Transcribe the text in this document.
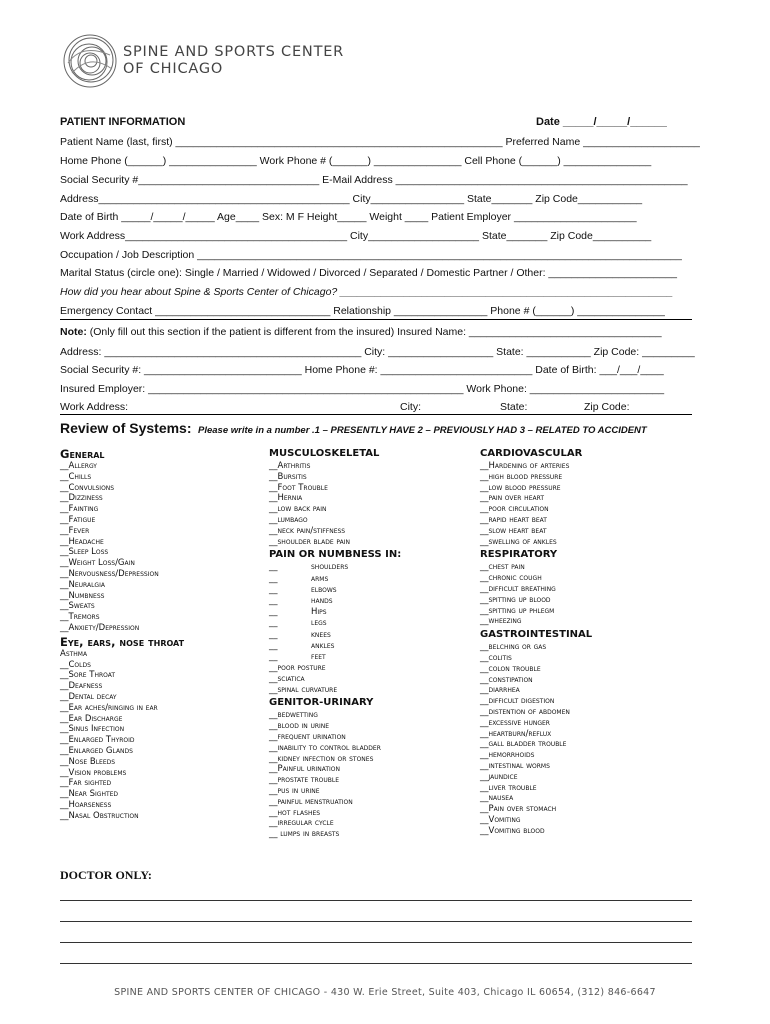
SPINE AND SPORTS CENTER
OF CHICAGO
PATIENT INFORMATION	Date _____/_____/______
Patient Name (last, first) ________________________________________________________ Preferred Name ____________________
Home Phone (______) _______________ Work Phone # (______) _______________ Cell Phone (______) _______________
Social Security #_______________________________ E-Mail Address __________________________________________________
Address___________________________________________ City________________ State_______ Zip Code___________
Date of Birth _____/_____/_____ Age____ Sex: M F Height_____ Weight ____ Patient Employer _____________________
Work Address______________________________________ City___________________ State_______ Zip Code__________
Occupation / Job Description ___________________________________________________________________________________
Marital Status (circle one): Single / Married / Widowed / Divorced / Separated / Domestic Partner / Other: ______________________
How did you hear about Spine & Sports Center of Chicago? _________________________________________________________
Emergency Contact ______________________________ Relationship ________________ Phone # (______) _______________
Note: (Only fill out this section if the patient is different from the insured) Insured Name: _________________________________
Address: ____________________________________________ City: __________________ State: ___________ Zip Code: _________
Social Security #: ___________________________ Home Phone #: __________________________ Date of Birth: ___/___/____
Insured Employer: ______________________________________________________ Work Phone: _______________________
Work Address:	City:	State:	Zip Code:
Review of Systems: Please write in a number .1 – PRESENTLY HAVE 2 – PREVIOUSLY HAD 3 – RELATED TO ACCIDENT
General
__Allergy
__Chills
__Convulsions
__Dizziness
__Fainting
__Fatigue
__Fever
__Headache
__Sleep Loss
__Weight Loss/Gain
__Nervousness/Depression
__Neuralgia
__Numbness
__Sweats
__Tremors
__Anxiety/Depression
Eye, ears, nose throat
Asthma
__Colds
__Sore Throat
__Deafness
__Dental decay
__Ear aches/ringing in ear
__Ear Discharge
__Sinus Infection
__Enlarged Thyroid
__Enlarged Glands
__Nose Bleeds
__Vision problems
__Far sighted
__Near Sighted
__Hoarseness
__Nasal Obstruction
MUSCULOSKELETAL
__Arthritis
__Bursitis
__Foot Trouble
__Hernia
__low back pain
__lumbago
__neck pain/stiffness
__shoulder blade pain
PAIN OR NUMBNESS IN:
__	shoulders
__	arms
__	elbows
__	hands
__	Hips
__	legs
__	knees
__	ankles
__	feet
__poor posture
__sciatica
__spinal curvature
GENITOR-URINARY
__bedwetting
__blood in urine
__frequent urination
__inability to control bladder
__kidney infection or stones
__Painful urination
__prostate trouble
__pus in urine
__painful menstruation
__hot flashes
__irregular cycle
__ lumps in breasts
CARDIOVASCULAR
__Hardening of arteries
__high blood pressure
__low blood pressure
__pain over heart
__poor circulation
__rapid heart beat
__slow heart beat
__swelling of ankles
RESPIRATORY
__chest pain
__chronic cough
__difficult breathing
__spitting up blood
__spitting up phlegm
__wheezing
GASTROINTESTINAL
__belching or gas
__colitis
__colon trouble
__constipation
__diarrhea
__difficult digestion
__distention of abdomen
__excessive hunger
__heartburn/reflux
__gall bladder trouble
__hemorrhoids
__intestinal worms
__jaundice
__liver trouble
__nausea
__Pain over stomach
__Vomiting
__Vomiting blood
DOCTOR ONLY:
SPINE AND SPORTS CENTER OF CHICAGO - 430 W. Erie Street, Suite 403, Chicago IL 60654, (312) 846-6647
